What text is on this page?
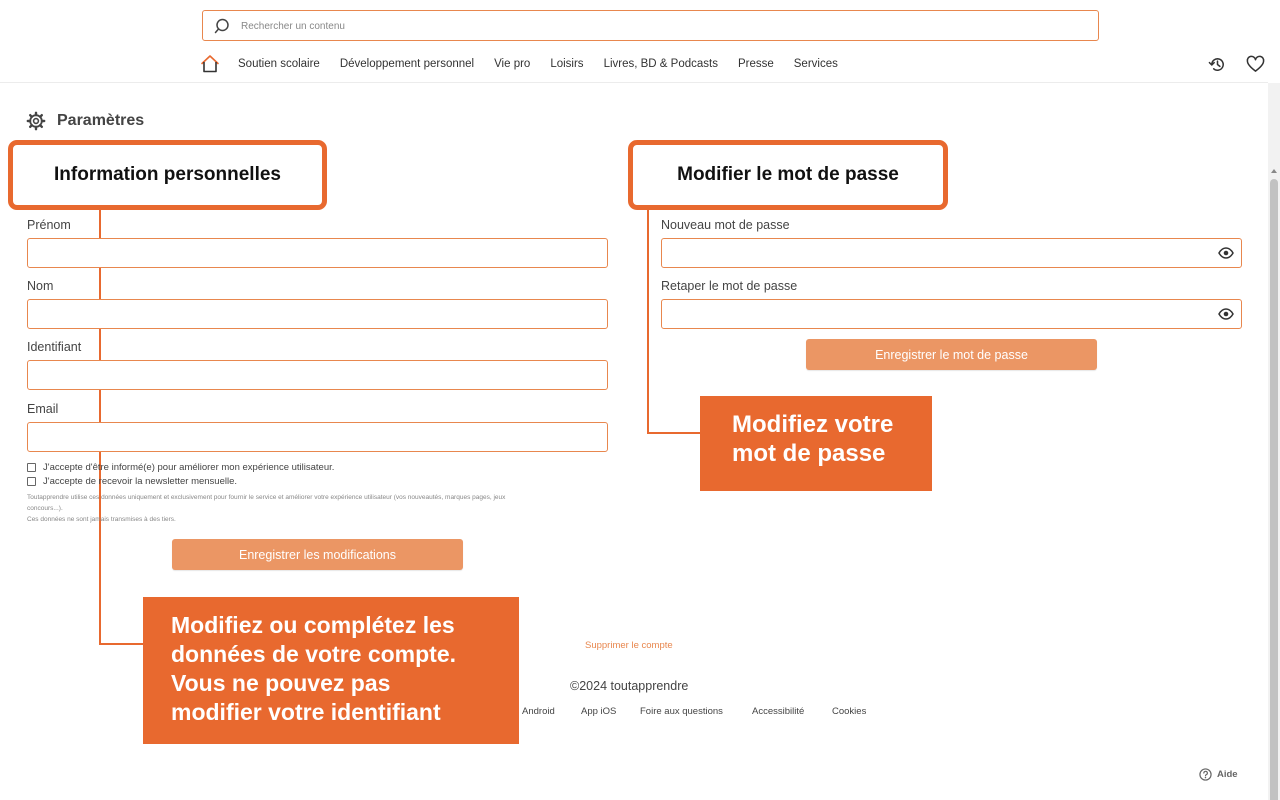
Rechercher un contenu
Soutien scolaire Développement personnel Vie pro Loisirs Livres, BD & Podcasts Presse Services
Paramètres
Information personnelles	Modifier le mot de passe
Prénom
Nom
Identifiant
Email
J'accepte d'être informé(e) pour améliorer mon expérience utilisateur.
J'accepte de recevoir la newsletter mensuelle.
Toutapprendre utilise ces données uniquement et exclusivement pour fournir le service et améliorer votre expérience utilisateur (vos nouveautés, marques pages, jeux
concours...).
Ces données ne sont jamais transmises à des tiers.
Enregistrer les modifications
Nouveau mot de passe
Retaper le mot de passe
Enregistrer le mot de passe
Modifiez votre
mot de passe
Supprimer le compte
©2024 toutapprendre
Android	App iOS Foire aux questions	Accessibilité	Cookies
Modifiez ou complétez les
données de votre compte.
Vous ne pouvez pas
modifier votre identifiant
Aide
